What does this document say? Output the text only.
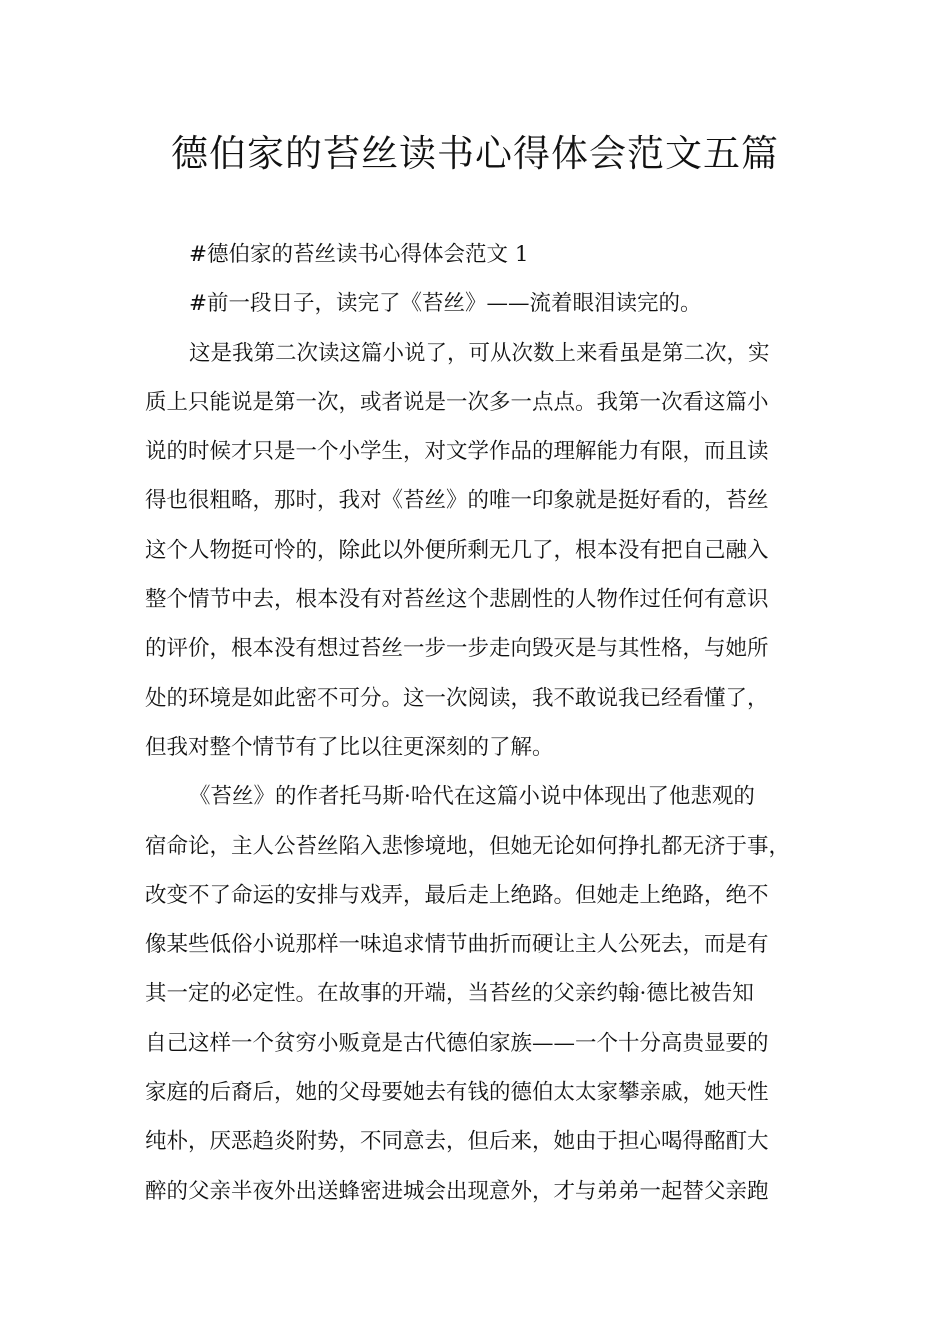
德伯家的苔丝读书心得体会范文五篇
#德伯家的苔丝读书心得体会范文 1
#前一段日子，读完了《苔丝》——流着眼泪读完的。
这是我第二次读这篇小说了，可从次数上来看虽是第二次，实
质上只能说是第一次，或者说是一次多一点点。我第一次看这篇小
说的时候才只是一个小学生，对文学作品的理解能力有限，而且读
得也很粗略，那时，我对《苔丝》的唯一印象就是挺好看的，苔丝
这个人物挺可怜的，除此以外便所剩无几了，根本没有把自己融入
整个情节中去，根本没有对苔丝这个悲剧性的人物作过任何有意识
的评价，根本没有想过苔丝一步一步走向毁灭是与其性格，与她所
处的环境是如此密不可分。这一次阅读，我不敢说我已经看懂了，
但我对整个情节有了比以往更深刻的了解。
《苔丝》的作者托马斯·哈代在这篇小说中体现出了他悲观的
宿命论，主人公苔丝陷入悲惨境地，但她无论如何挣扎都无济于事，
改变不了命运的安排与戏弄，最后走上绝路。但她走上绝路，绝不
像某些低俗小说那样一味追求情节曲折而硬让主人公死去，而是有
其一定的必定性。在故事的开端，当苔丝的父亲约翰·德比被告知
自己这样一个贫穷小贩竟是古代德伯家族——一个十分高贵显要的
家庭的后裔后，她的父母要她去有钱的德伯太太家攀亲戚，她天性
纯朴，厌恶趋炎附势，不同意去，但后来，她由于担心喝得酩酊大
醉的父亲半夜外出送蜂密进城会出现意外，才与弟弟一起替父亲跑
